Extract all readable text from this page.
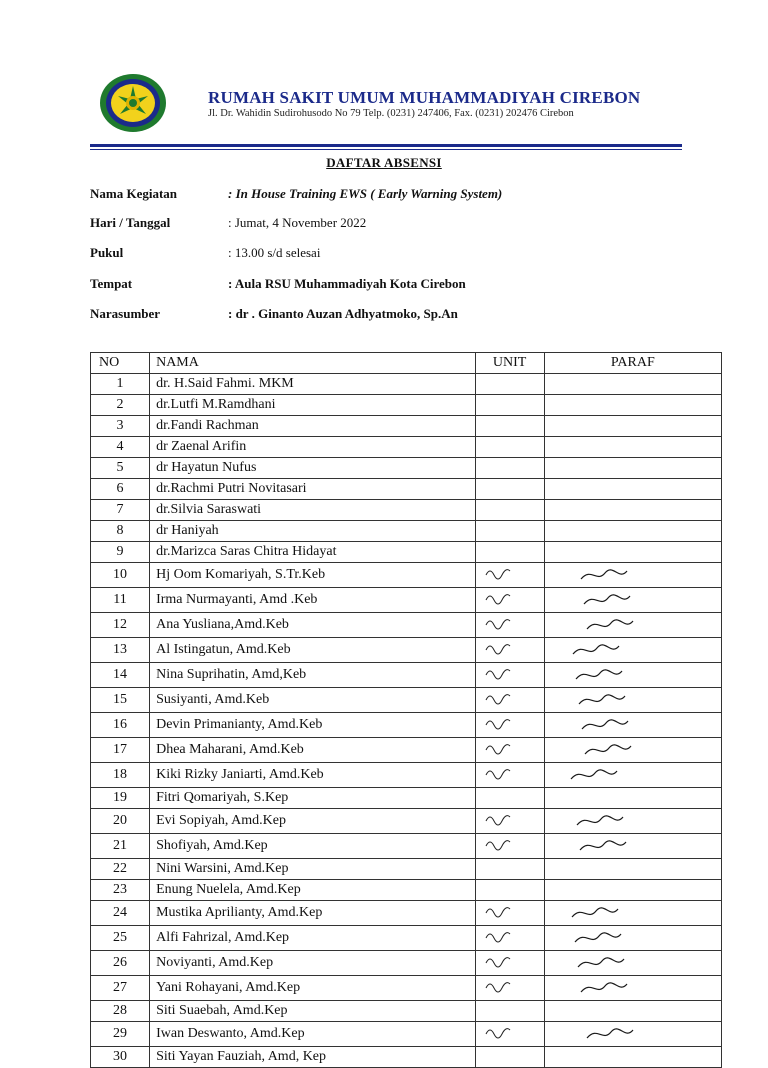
RUMAH SAKIT UMUM MUHAMMADIYAH CIREBON
Jl. Dr. Wahidin Sudirohusodo No 79 Telp. (0231) 247406, Fax. (0231) 202476 Cirebon
DAFTAR ABSENSI
Nama Kegiatan	: In House Training EWS ( Early Warning System)
Hari / Tanggal	: Jumat, 4 November 2022
Pukul	: 13.00 s/d selesai
Tempat	: Aula RSU Muhammadiyah Kota Cirebon
Narasumber	: dr . Ginanto Auzan Adhyatmoko, Sp.An
NO	NAMA	UNIT	PARAF
1	dr. H.Said Fahmi. MKM		
2	dr.Lutfi M.Ramdhani		
3	dr.Fandi Rachman		
4	dr Zaenal Arifin		
5	dr Hayatun Nufus		
6	dr.Rachmi Putri Novitasari		
7	dr.Silvia Saraswati		
8	dr Haniyah		
9	dr.Marizca Saras Chitra Hidayat		
10	Hj Oom Komariyah, S.Tr.Keb		

11	Irma Nurmayanti, Amd .Keb		

12	Ana Yusliana,Amd.Keb		

13	Al Istingatun, Amd.Keb		

14	Nina Suprihatin, Amd,Keb		

15	Susiyanti, Amd.Keb		

16	Devin Primanianty, Amd.Keb		

17	Dhea Maharani, Amd.Keb		

18	Kiki Rizky Janiarti, Amd.Keb		

19	Fitri Qomariyah, S.Kep		
20	Evi Sopiyah, Amd.Kep		

21	Shofiyah, Amd.Kep		

22	Nini Warsini, Amd.Kep		
23	Enung Nuelela, Amd.Kep		
24	Mustika Aprilianty, Amd.Kep		

25	Alfi Fahrizal, Amd.Kep		

26	Noviyanti, Amd.Kep		

27	Yani Rohayani, Amd.Kep		

28	Siti Suaebah, Amd.Kep		
29	Iwan Deswanto, Amd.Kep		

30	Siti Yayan Fauziah, Amd, Kep		
